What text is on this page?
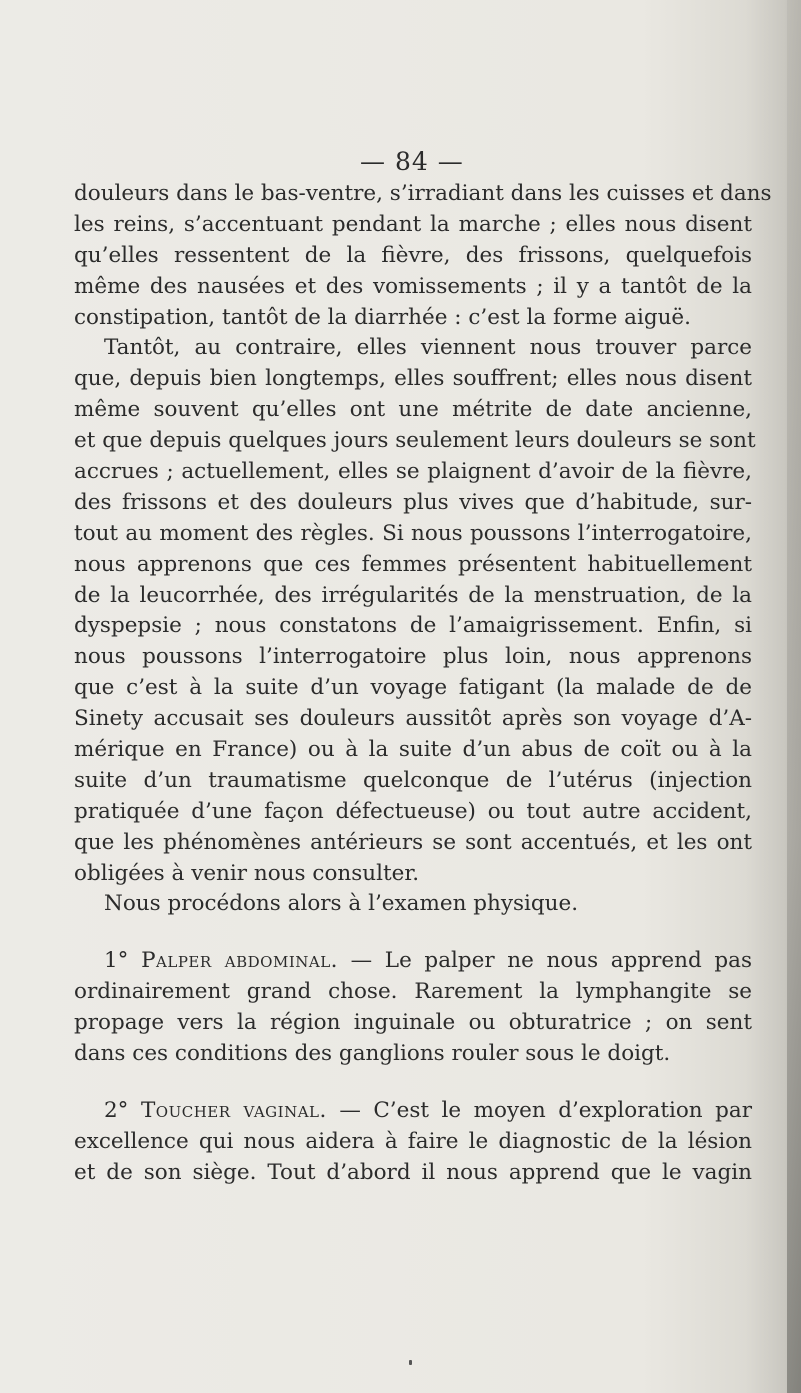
— 84 —
douleurs dans le bas-ventre, s’irradiant dans les cuisses et dans
les reins, s’accentuant pendant la marche ; elles nous disent
qu’elles ressentent de la fièvre, des frissons, quelquefois
même des nausées et des vomissements ; il y a tantôt de la
constipation, tantôt de la diarrhée : c’est la forme aiguë.
Tantôt, au contraire, elles viennent nous trouver parce
que, depuis bien longtemps, elles souffrent; elles nous disent
même souvent qu’elles ont une métrite de date ancienne,
et que depuis quelques jours seulement leurs douleurs se sont
accrues ; actuellement, elles se plaignent d’avoir de la fièvre,
des frissons et des douleurs plus vives que d’habitude, sur-
tout au moment des règles. Si nous poussons l’interrogatoire,
nous apprenons que ces femmes présentent habituellement
de la leucorrhée, des irrégularités de la menstruation, de la
dyspepsie ; nous constatons de l’amaigrissement. Enfin, si
nous poussons l’interrogatoire plus loin, nous apprenons
que c’est à la suite d’un voyage fatigant (la malade de de
Sinety accusait ses douleurs aussitôt après son voyage d’A-
mérique en France) ou à la suite d’un abus de coït ou à la
suite d’un traumatisme quelconque de l’utérus (injection
pratiquée d’une façon défectueuse) ou tout autre accident,
que les phénomènes antérieurs se sont accentués, et les ont
obligées à venir nous consulter.
Nous procédons alors à l’examen physique.
1° Palper abdominal. — Le palper ne nous apprend pas
ordinairement grand chose. Rarement la lymphangite se
propage vers la région inguinale ou obturatrice ; on sent
dans ces conditions des ganglions rouler sous le doigt.
2° Toucher vaginal. — C’est le moyen d’exploration par
excellence qui nous aidera à faire le diagnostic de la lésion
et de son siège. Tout d’abord il nous apprend que le vagin
